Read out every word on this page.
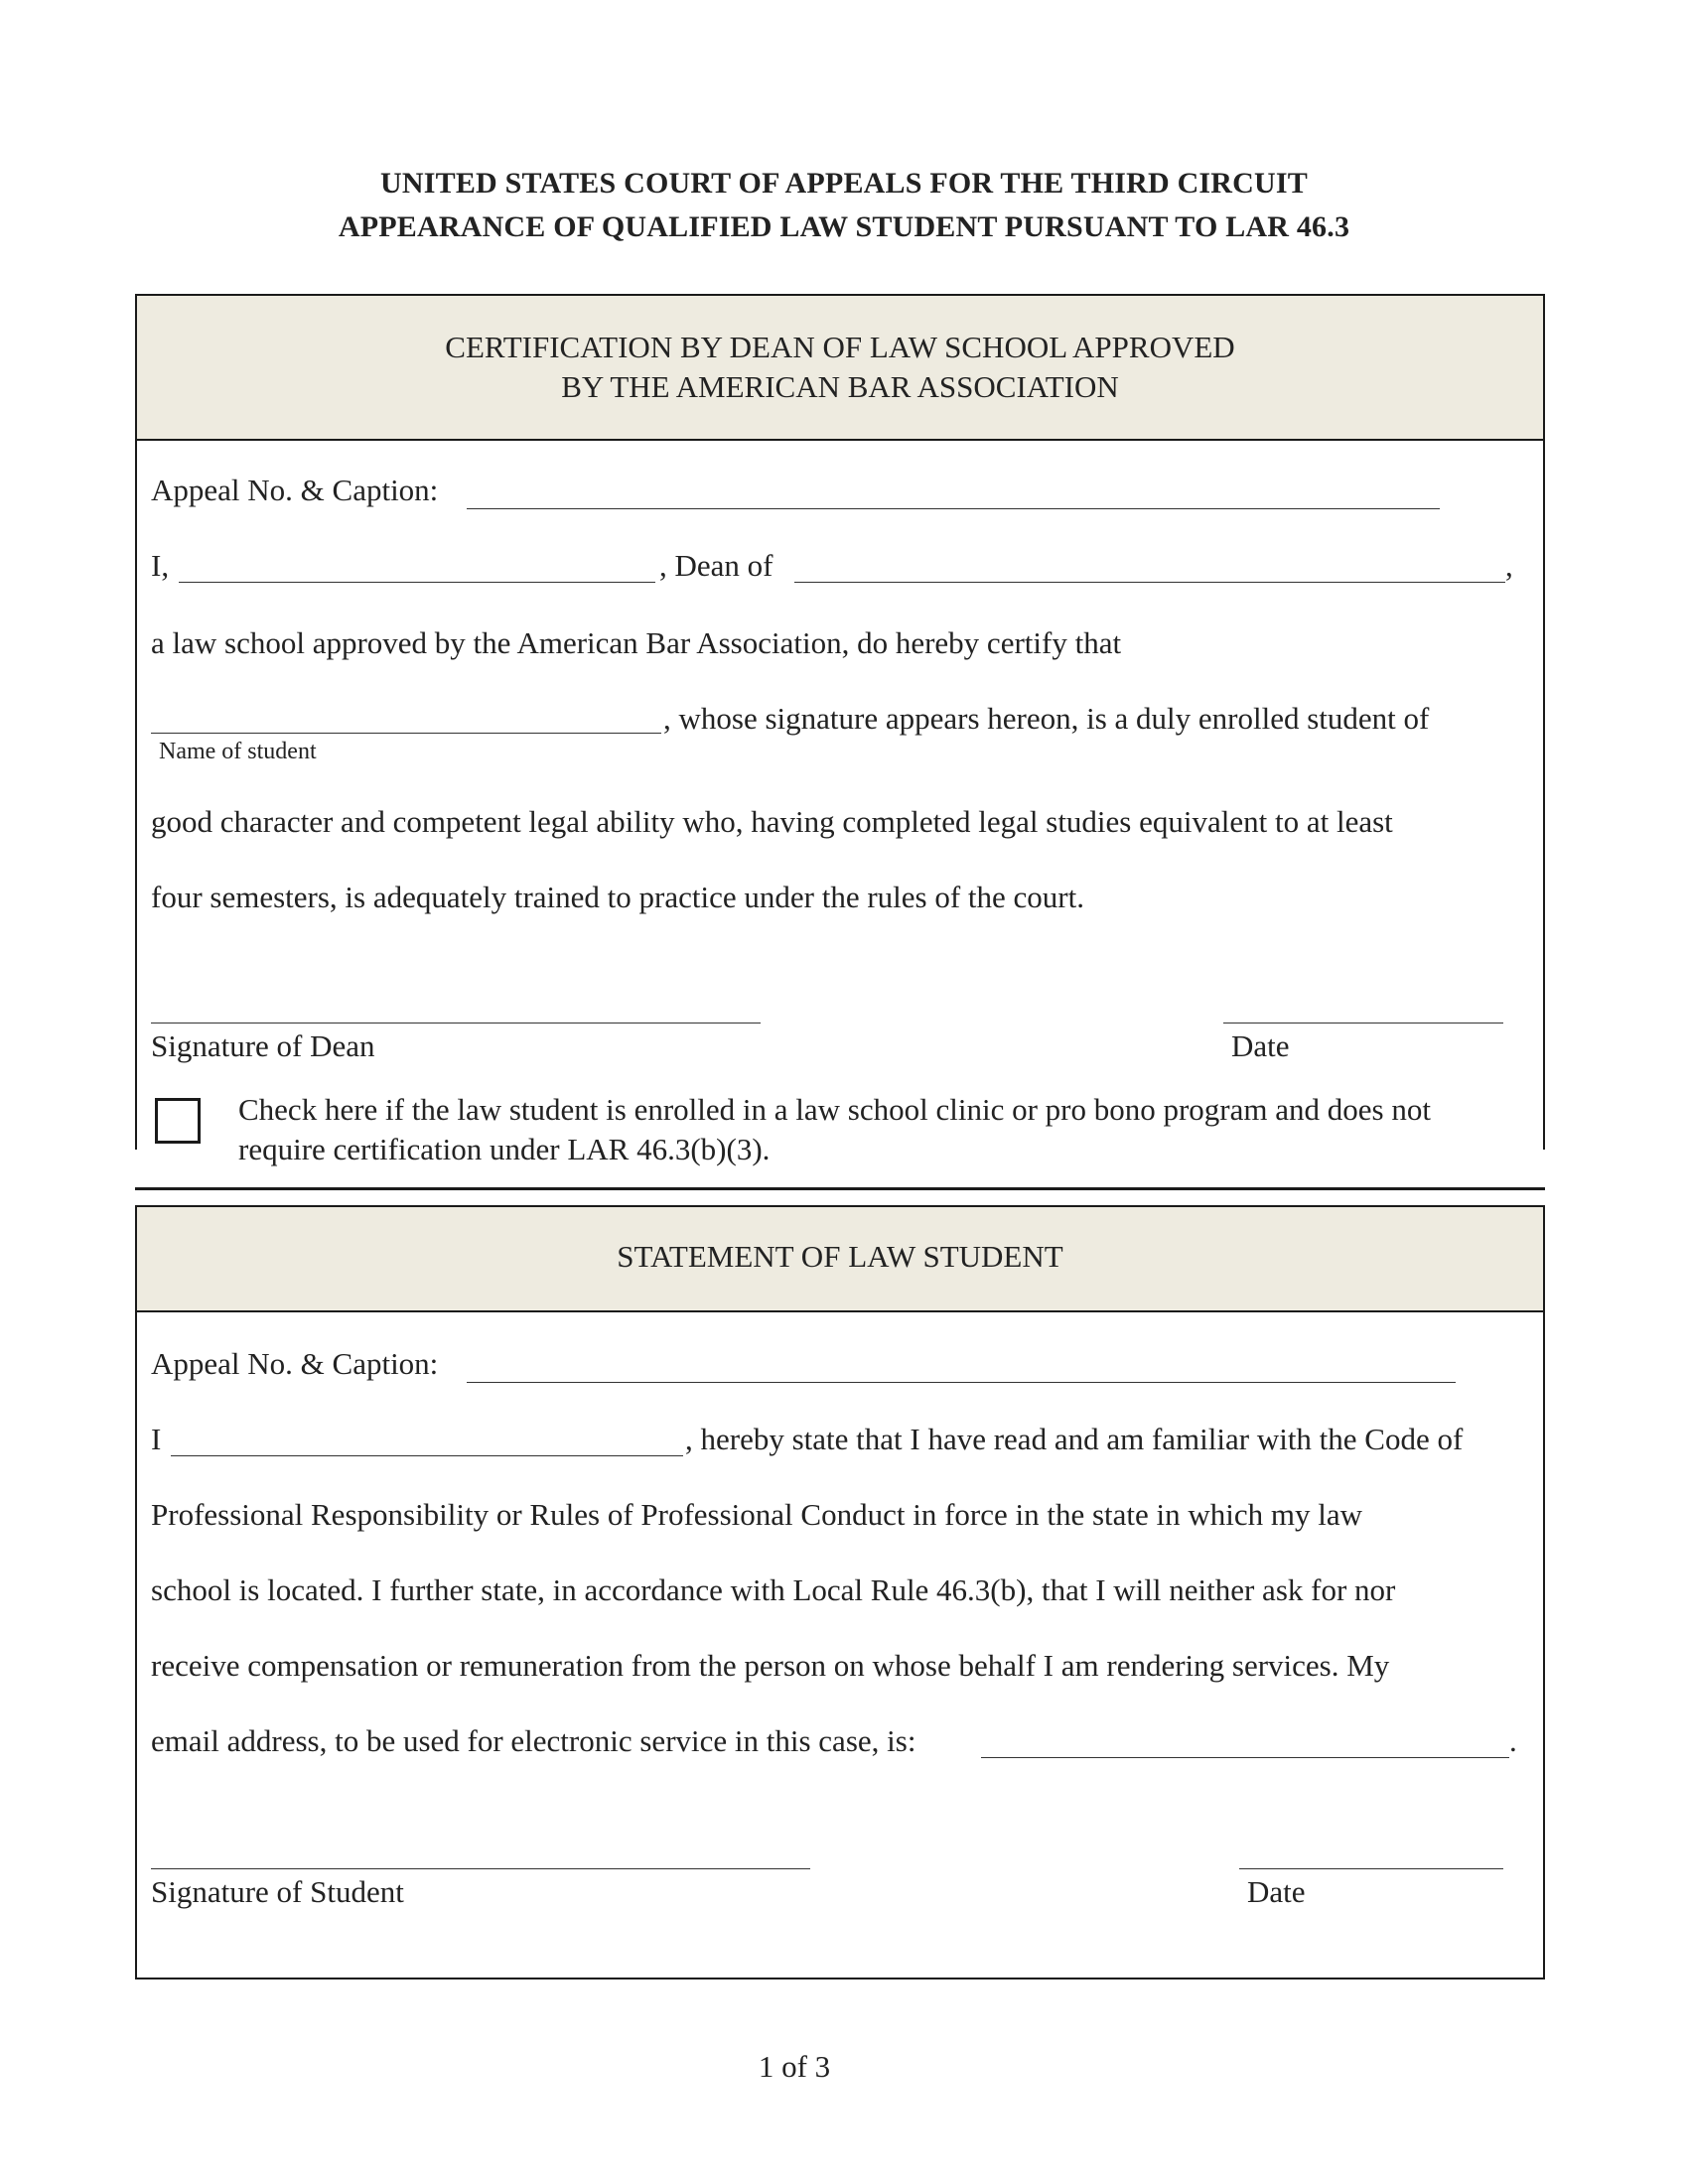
UNITED STATES COURT OF APPEALS FOR THE THIRD CIRCUIT
APPEARANCE OF QUALIFIED LAW STUDENT PURSUANT TO LAR 46.3
CERTIFICATION BY DEAN OF LAW SCHOOL APPROVED
BY THE AMERICAN BAR ASSOCIATION
Appeal No. & Caption:
I,	, Dean of	,
a law school approved by the American Bar Association, do hereby certify that
, whose signature appears hereon, is a duly enrolled student of
Name of student
good character and competent legal ability who, having completed legal studies equivalent to at least
four semesters, is adequately trained to practice under the rules of the court.
Signature of Dean	Date
Check here if the law student is enrolled in a law school clinic or pro bono program and does not
require certification under LAR 46.3(b)(3).
STATEMENT OF LAW STUDENT
Appeal No. & Caption:
I	, hereby state that I have read and am familiar with the Code of
Professional Responsibility or Rules of Professional Conduct in force in the state in which my law
school is located. I further state, in accordance with Local Rule 46.3(b), that I will neither ask for nor
receive compensation or remuneration from the person on whose behalf I am rendering services. My
email address, to be used for electronic service in this case, is:	.
Signature of Student	Date
1 of 3
